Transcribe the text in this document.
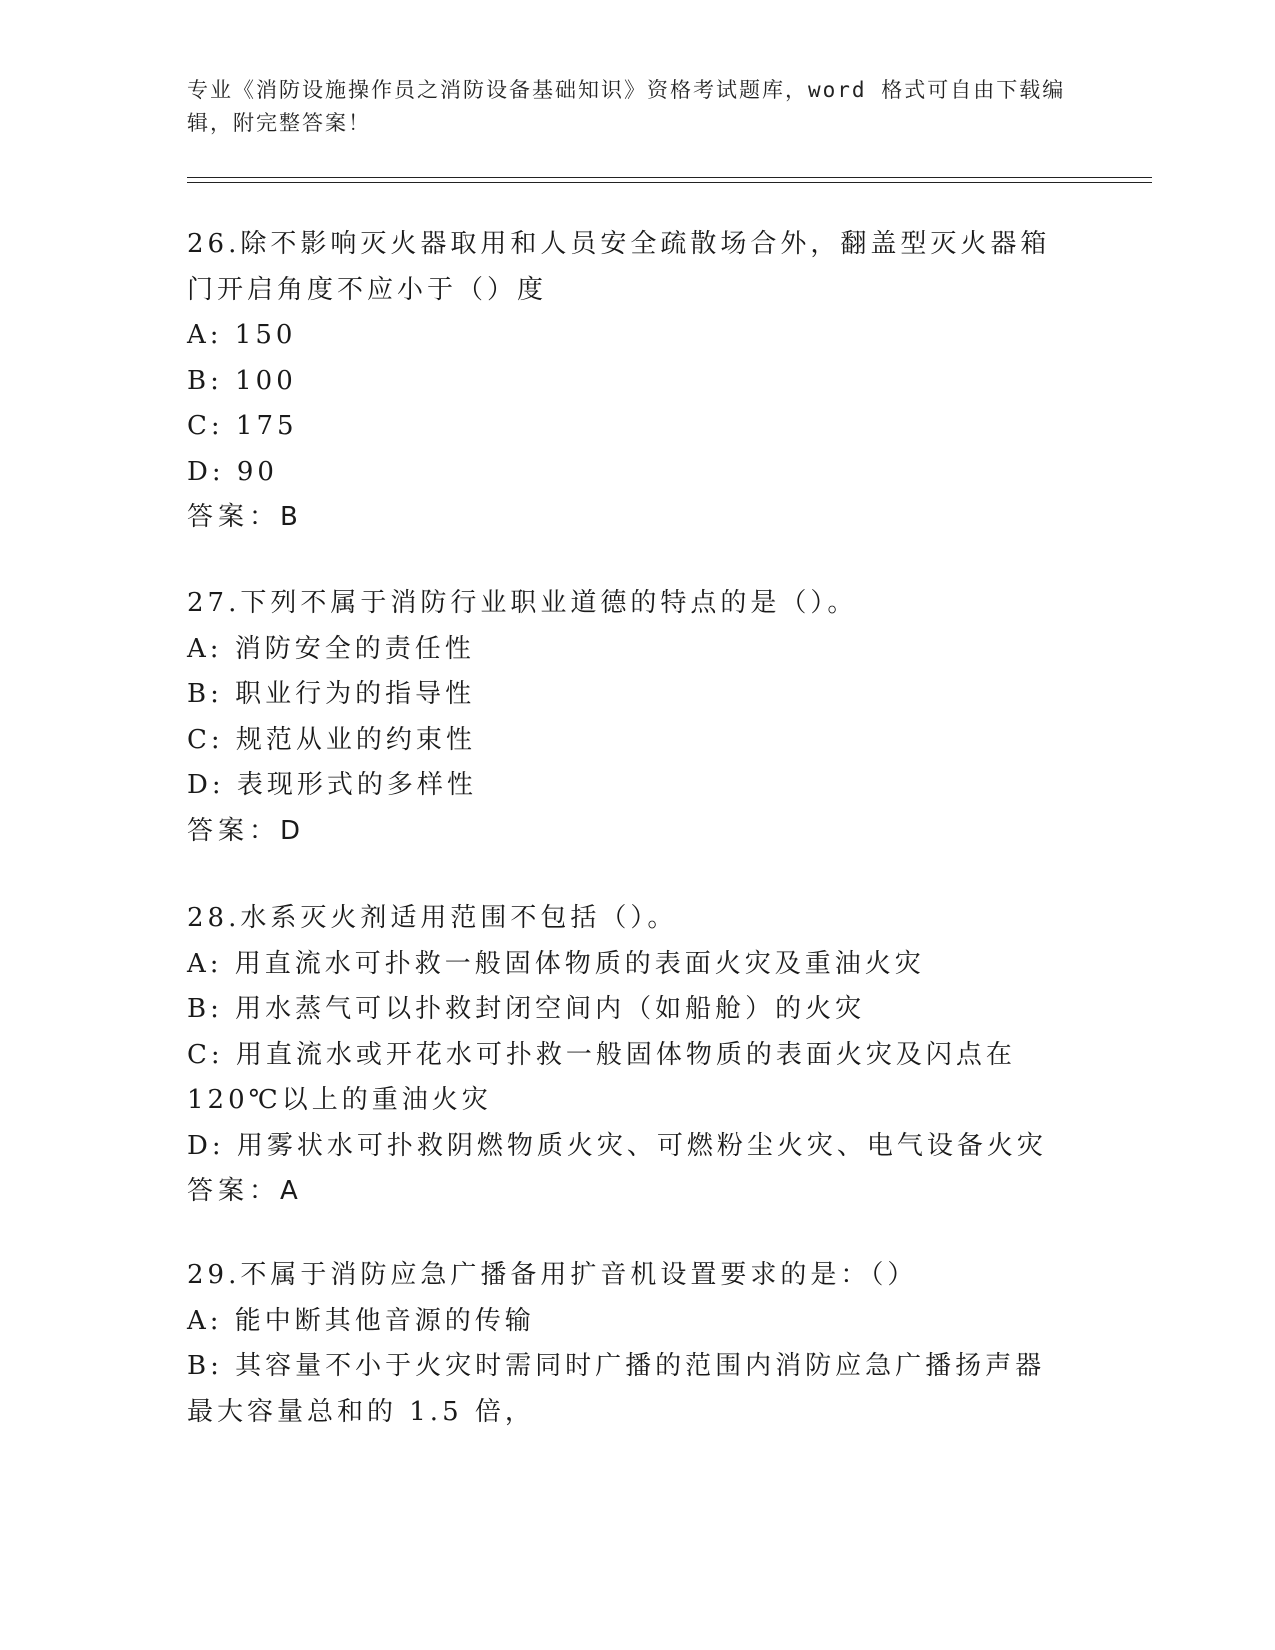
专业《消防设施操作员之消防设备基础知识》资格考试题库，word 格式可自由下载编辑，附完整答案！

26.除不影响灭火器取用和人员安全疏散场合外，翻盖型灭火器箱门开启角度不应小于（）度

A: 150

B: 100

C: 175

D: 90

答案：B

27.下列不属于消防行业职业道德的特点的是（）。

A: 消防安全的责任性

B: 职业行为的指导性

C: 规范从业的约束性

D: 表现形式的多样性

答案：D

28.水系灭火剂适用范围不包括（）。

A: 用直流水可扑救一般固体物质的表面火灾及重油火灾

B: 用水蒸气可以扑救封闭空间内（如船舱）的火灾

C: 用直流水或开花水可扑救一般固体物质的表面火灾及闪点在 120℃以上的重油火灾

D: 用雾状水可扑救阴燃物质火灾、可燃粉尘火灾、电气设备火灾

答案：A

29.不属于消防应急广播备用扩音机设置要求的是：（）

A: 能中断其他音源的传输

B: 其容量不小于火灾时需同时广播的范围内消防应急广播扬声器最大容量总和的 1.5 倍，
